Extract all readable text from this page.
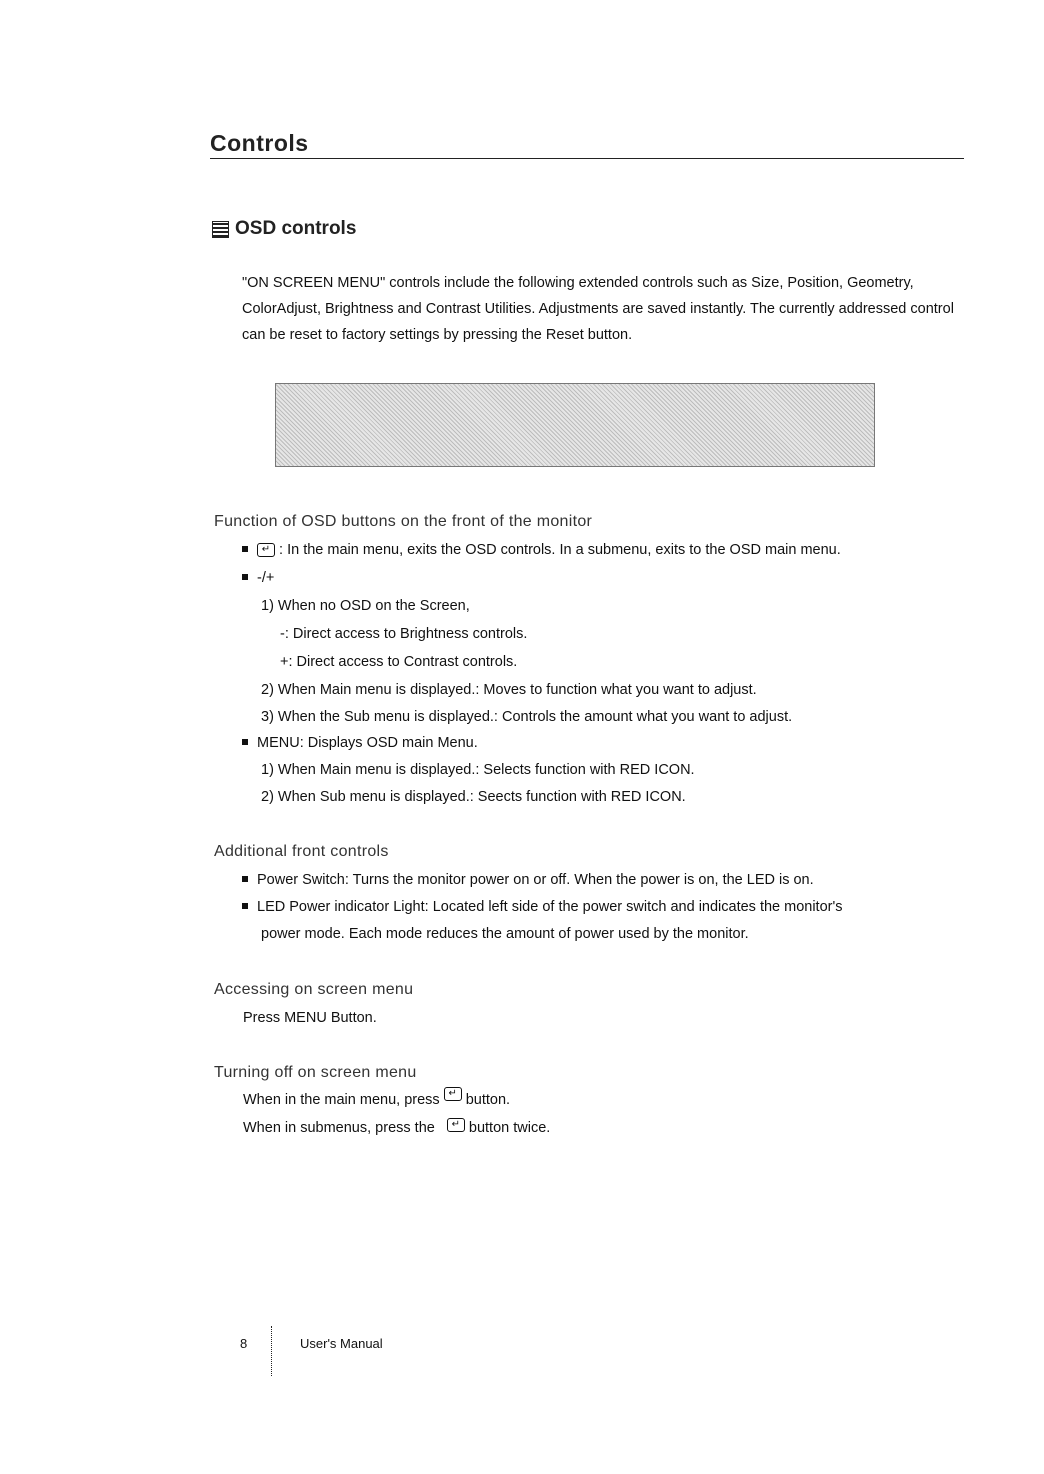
Controls
OSD controls
"ON SCREEN MENU" controls include the following extended controls such as Size, Position, Geometry, ColorAdjust, Brightness and Contrast Utilities. Adjustments are saved instantly. The currently addressed control can be reset to factory settings by pressing the Reset button.
Function of OSD buttons on the front of the monitor
↵ : In the main menu, exits the OSD controls. In a submenu, exits to the OSD main menu.
-/+
1) When no OSD on the Screen,
-: Direct access to Brightness controls.
+: Direct access to Contrast controls.
2) When Main menu is displayed.: Moves to function what you want to adjust.
3) When the Sub menu is displayed.: Controls the amount what you want to adjust.
MENU: Displays OSD main Menu.
1) When Main menu is displayed.: Selects function with RED ICON.
2) When Sub menu is displayed.: Seects function with RED ICON.
Additional front controls
Power Switch: Turns the monitor power on or off. When the power is on, the LED is on.
LED Power indicator Light: Located left side of the power switch and indicates the monitor's
power mode. Each mode reduces the amount of power used by the monitor.
Accessing on screen menu
Press MENU Button.
Turning off on screen menu
When in the main menu, press ↵ button.
When in submenus, press the ↵ button twice.
8	User's Manual
